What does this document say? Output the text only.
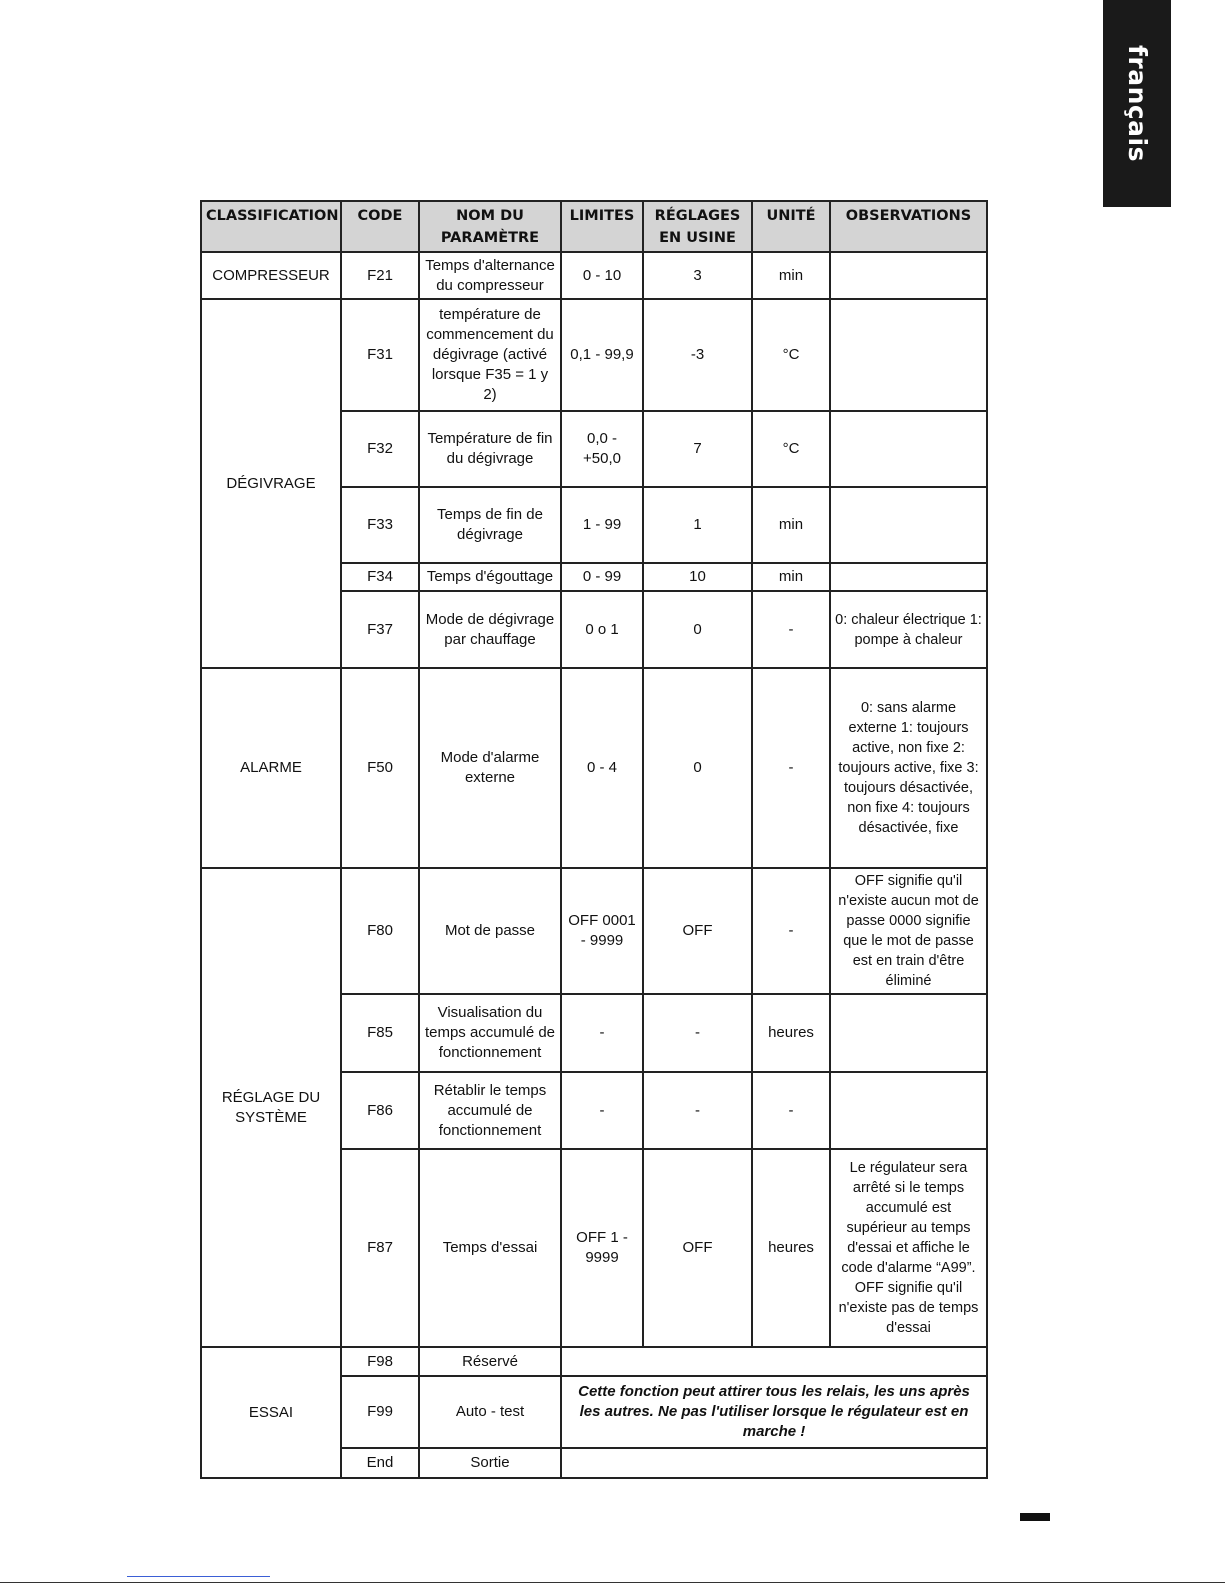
français
CLASSIFICATION	CODE	NOM DU PARAMÈTRE	LIMITES	RÉGLAGES EN USINE	UNITÉ	OBSERVATIONS
COMPRESSEUR	F21	Temps d'alternance du compresseur	0 - 10	3	min	
DÉGIVRAGE	F31	température de commencement du dégivrage (activé lorsque F35 = 1 y 2)	0,1 - 99,9	-3	°C	
	F32	Température de fin du dégivrage	0,0 - +50,0	7	°C	
	F33	Temps de fin de dégivrage	1 - 99	1	min	
	F34	Temps d'égouttage	0 - 99	10	min	
	F37	Mode de dégivrage par chauffage	0 o 1	0	-	0: chaleur électrique 1: pompe à chaleur
ALARME	F50	Mode d'alarme externe	0 - 4	0	-	0: sans alarme externe 1: toujours active, non fixe 2: toujours active, fixe 3: toujours désactivée, non fixe 4: toujours désactivée, fixe
RÉGLAGE DU SYSTÈME	F80	Mot de passe	OFF 0001 - 9999	OFF	-	OFF signifie qu'il n'existe aucun mot de passe 0000 signifie que le mot de passe est en train d'être éliminé
	F85	Visualisation du temps accumulé de fonctionnement	-	-	heures	
	F86	Rétablir le temps accumulé de fonctionnement	-	-	-	
	F87	Temps d'essai	OFF 1 - 9999	OFF	heures	Le régulateur sera arrêté si le temps accumulé est supérieur au temps d'essai et affiche le code d'alarme “A99”. OFF signifie qu'il n'existe pas de temps d'essai
ESSAI	F98	Réservé				
	F99	Auto - test	Cette fonction peut attirer tous les relais, les uns après les autres. Ne pas l'utiliser lorsque le régulateur est en marche !			
	End	Sortie				
